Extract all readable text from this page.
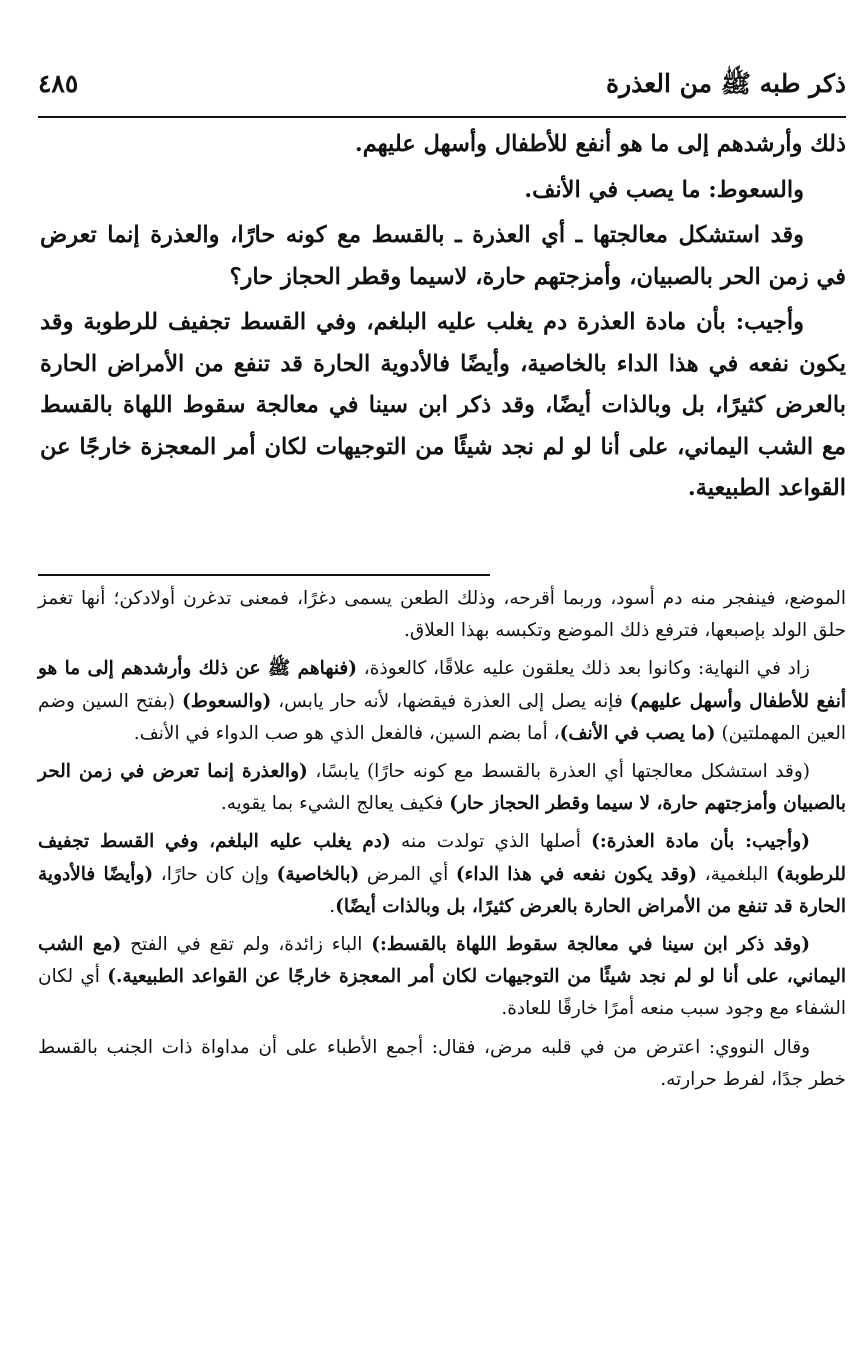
ذكر طبه ﷺ من العذرة
٤٨٥

ذلك وأرشدهم إلى ما هو أنفع للأطفال وأسهل عليهم.

والسعوط: ما يصب في الأنف.

وقد استشكل معالجتها ـ أي العذرة ـ بالقسط مع كونه حارًا، والعذرة إنما تعرض في زمن الحر بالصبيان، وأمزجتهم حارة، لاسيما وقطر الحجاز حار؟

وأجيب: بأن مادة العذرة دم يغلب عليه البلغم، وفي القسط تجفيف للرطوبة وقد يكون نفعه في هذا الداء بالخاصية، وأيضًا فالأدوية الحارة قد تنفع من الأمراض الحارة بالعرض كثيرًا، بل وبالذات أيضًا، وقد ذكر ابن سينا في معالجة سقوط اللهاة بالقسط مع الشب اليماني، على أنا لو لم نجد شيئًا من التوجيهات لكان أمر المعجزة خارجًا عن القواعد الطبيعية.

الموضع، فينفجر منه دم أسود، وربما أقرحه، وذلك الطعن يسمى دغرًا، فمعنى تدغرن أولادكن؛ أنها تغمز حلق الولد بإصبعها، فترفع ذلك الموضع وتكبسه بهذا العلاق.

زاد في النهاية: وكانوا بعد ذلك يعلقون عليه علاقًا، كالعوذة، (فنهاهم ﷺ عن ذلك وأرشدهم إلى ما هو أنفع للأطفال وأسهل عليهم) فإنه يصل إلى العذرة فيقضها، لأنه حار يابس، (والسعوط) (بفتح السين وضم العين المهملتين) (ما يصب في الأنف)، أما بضم السين، فالفعل الذي هو صب الدواء في الأنف.

(وقد استشكل معالجتها أي العذرة بالقسط مع كونه حارًا) يابسًا، (والعذرة إنما تعرض في زمن الحر بالصبيان وأمزجتهم حارة، لا سيما وقطر الحجاز حار) فكيف يعالج الشيء بما يقويه.

(وأجيب: بأن مادة العذرة:) أصلها الذي تولدت منه (دم يغلب عليه البلغم، وفي القسط تجفيف للرطوبة) البلغمية، (وقد يكون نفعه في هذا الداء) أي المرض (بالخاصية) وإن كان حارًا، (وأيضًا فالأدوية الحارة قد تنفع من الأمراض الحارة بالعرض كثيرًا، بل وبالذات أيضًا).

(وقد ذكر ابن سينا في معالجة سقوط اللهاة بالقسط:) الباء زائدة، ولم تقع في الفتح (مع الشب اليماني، على أنا لو لم نجد شيئًا من التوجيهات لكان أمر المعجزة خارجًا عن القواعد الطبيعية.) أي لكان الشفاء مع وجود سبب منعه أمرًا خارقًا للعادة.

وقال النووي: اعترض من في قلبه مرض، فقال: أجمع الأطباء على أن مداواة ذات الجنب بالقسط خطر جدًا، لفرط حرارته.
